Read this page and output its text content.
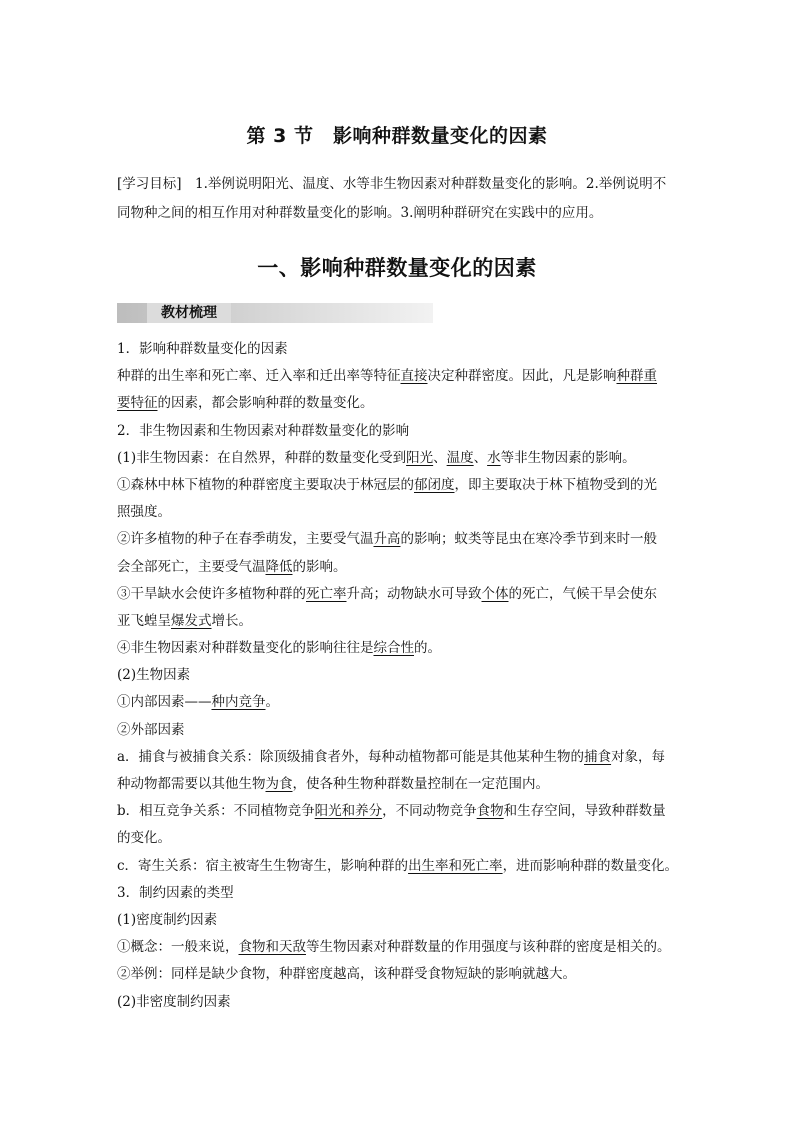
第 3 节　影响种群数量变化的因素
[学习目标]　1.举例说明阳光、温度、水等非生物因素对种群数量变化的影响。2.举例说明不
同物种之间的相互作用对种群数量变化的影响。3.阐明种群研究在实践中的应用。
一、影响种群数量变化的因素
教材梳理
1．影响种群数量变化的因素
种群的出生率和死亡率、迁入率和迁出率等特征直接决定种群密度。因此，凡是影响种群重
要特征的因素，都会影响种群的数量变化。
2．非生物因素和生物因素对种群数量变化的影响
(1)非生物因素：在自然界，种群的数量变化受到阳光、温度、水等非生物因素的影响。
①森林中林下植物的种群密度主要取决于林冠层的郁闭度，即主要取决于林下植物受到的光
照强度。
②许多植物的种子在春季萌发，主要受气温升高的影响；蚊类等昆虫在寒冷季节到来时一般
会全部死亡，主要受气温降低的影响。
③干旱缺水会使许多植物种群的死亡率升高；动物缺水可导致个体的死亡，气候干旱会使东
亚飞蝗呈爆发式增长。
④非生物因素对种群数量变化的影响往往是综合性的。
(2)生物因素
①内部因素——种内竞争。
②外部因素
a．捕食与被捕食关系：除顶级捕食者外，每种动植物都可能是其他某种生物的捕食对象，每
种动物都需要以其他生物为食，使各种生物种群数量控制在一定范围内。
b．相互竞争关系：不同植物竞争阳光和养分，不同动物竞争食物和生存空间，导致种群数量
的变化。
c．寄生关系：宿主被寄生生物寄生，影响种群的出生率和死亡率，进而影响种群的数量变化。
3．制约因素的类型
(1)密度制约因素
①概念：一般来说，食物和天敌等生物因素对种群数量的作用强度与该种群的密度是相关的。
②举例：同样是缺少食物，种群密度越高，该种群受食物短缺的影响就越大。
(2)非密度制约因素
